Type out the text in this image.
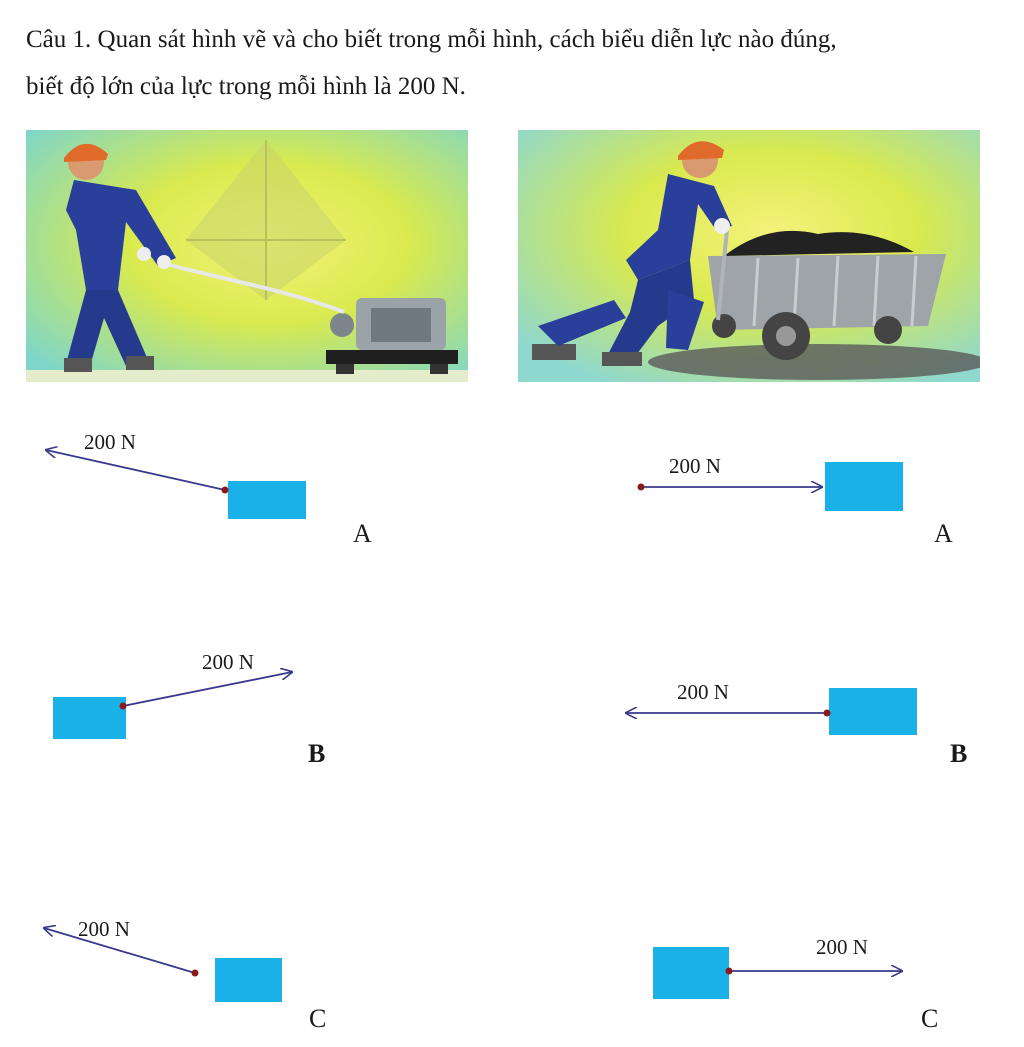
Câu 1. Quan sát hình vẽ và cho biết trong mỗi hình, cách biểu diễn lực nào đúng,
biết độ lớn của lực trong mỗi hình là 200 N.
200 N
200 N
200 N
200 N
200 N
200 N
A
B
C
A
B
C
